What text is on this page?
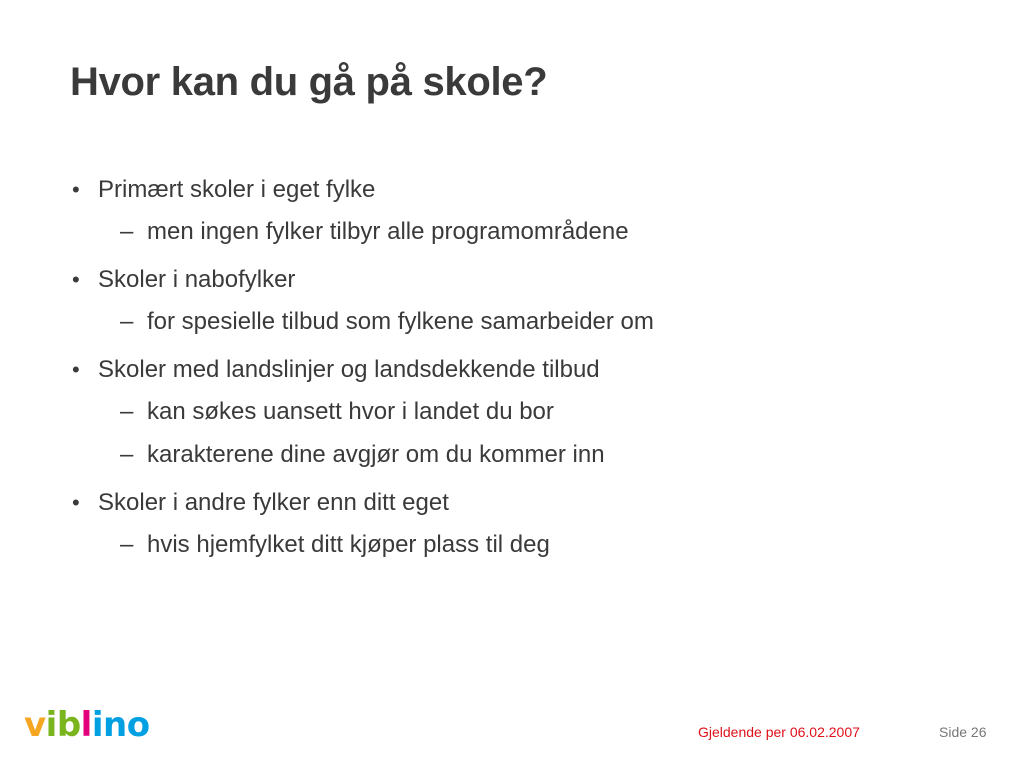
Hvor kan du gå på skole?
• Primært skoler i eget fylke
– men ingen fylker tilbyr alle programområdene
• Skoler i nabofylker
– for spesielle tilbud som fylkene samarbeider om
• Skoler med landslinjer og landsdekkende tilbud
– kan søkes uansett hvor i landet du bor
– karakterene dine avgjør om du kommer inn
• Skoler i andre fylker enn ditt eget
– hvis hjemfylket ditt kjøper plass til deg
viblino	Gjeldende per 06.02.2007	Side 26
